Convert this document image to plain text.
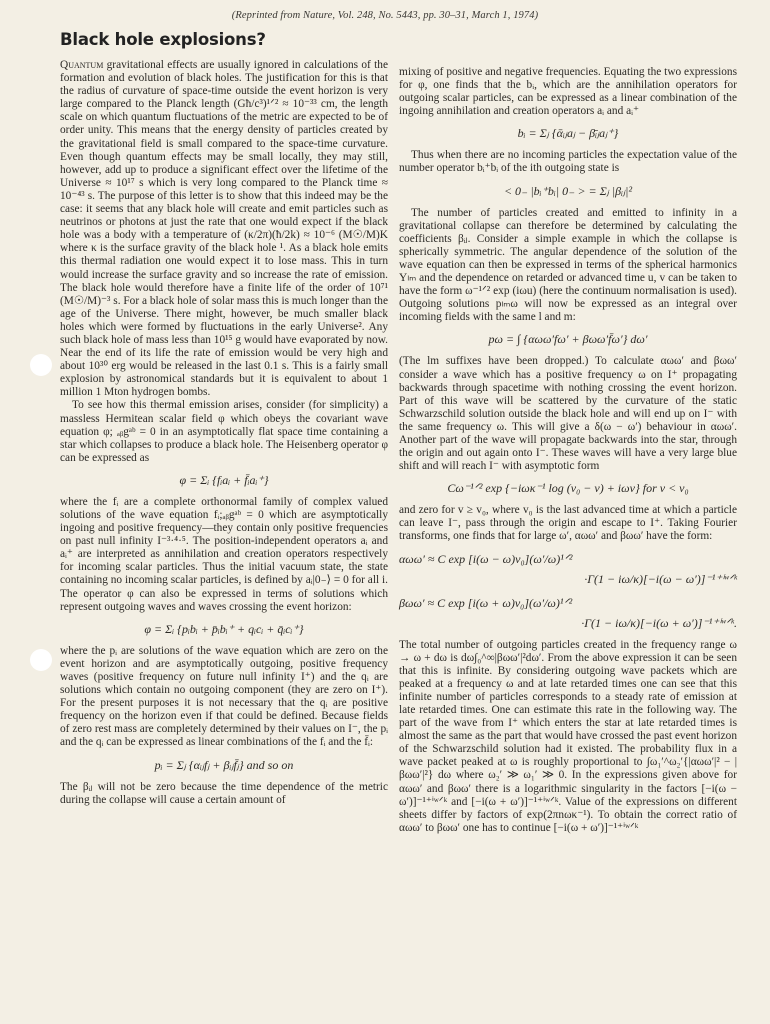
(Reprinted from Nature, Vol. 248, No. 5443, pp. 30–31, March 1, 1974)
Black hole explosions?

Quantum gravitational effects are usually ignored in calculations of the formation and evolution of black holes. The justification for this is that the radius of curvature of space-time outside the event horizon is very large compared to the Planck length (Għ/c³)¹ᐟ² ≈ 10⁻³³ cm, the length scale on which quantum fluctuations of the metric are expected to be of order unity. This means that the energy density of particles created by the gravitational field is small compared to the space-time curvature. Even though quantum effects may be small locally, they may still, however, add up to produce a significant effect over the lifetime of the Universe ≈ 10¹⁷ s which is very long compared to the Planck time ≈ 10⁻⁴³ s. The purpose of this letter is to show that this indeed may be the case: it seems that any black hole will create and emit particles such as neutrinos or photons at just the rate that one would expect if the black hole was a body with a temperature of (κ/2π)(ħ/2k) ≈ 10⁻⁶ (M☉/M)K where κ is the surface gravity of the black hole ¹. As a black hole emits this thermal radiation one would expect it to lose mass. This in turn would increase the surface gravity and so increase the rate of emission. The black hole would therefore have a finite life of the order of 10⁷¹ (M☉/M)⁻³ s. For a black hole of solar mass this is much longer than the age of the Universe. There might, however, be much smaller black holes which were formed by fluctuations in the early Universe². Any such black hole of mass less than 10¹⁵ g would have evaporated by now. Near the end of its life the rate of emission would be very high and about 10³⁰ erg would be released in the last 0.1 s. This is a fairly small explosion by astronomical standards but it is equivalent to about 1 million 1 Mton hydrogen bombs.

To see how this thermal emission arises, consider (for simplicity) a massless Hermitean scalar field φ which obeys the covariant wave equation φ; ₐᵦgᵃᵇ = 0 in an asymptotically flat space time containing a star which collapses to produce a black hole. The Heisenberg operator φ can be expressed as

φ = Σᵢ {fᵢaᵢ + f̄ᵢaᵢ⁺}

where the fᵢ are a complete orthonormal family of complex valued solutions of the wave equation fᵢ;ₐᵦgᵃᵇ = 0 which are asymptotically ingoing and positive frequency—they contain only positive frequencies on past null infinity I⁻³·⁴·⁵. The position-independent operators aᵢ and aᵢ⁺ are interpreted as annihilation and creation operators respectively for incoming scalar particles. Thus the initial vacuum state, the state containing no incoming scalar particles, is defined by aᵢ|0₋⟩ = 0 for all i. The operator φ can also be expressed in terms of solutions which represent outgoing waves and waves crossing the event horizon:

φ = Σᵢ {pᵢbᵢ + p̄ᵢbᵢ⁺ + qᵢcᵢ + q̄ᵢcᵢ⁺}

where the pᵢ are solutions of the wave equation which are zero on the event horizon and are asymptotically outgoing, positive frequency waves (positive frequency on future null infinity I⁺) and the qᵢ are solutions which contain no outgoing component (they are zero on I⁺). For the present purposes it is not necessary that the qᵢ are positive frequency on the horizon even if that could be defined. Because fields of zero rest mass are completely determined by their values on I⁻, the pᵢ and the qᵢ can be expressed as linear combinations of the fᵢ and the f̄ᵢ:

pᵢ = Σⱼ {αᵢⱼfⱼ + βᵢⱼf̄ⱼ} and so on

The βᵢⱼ will not be zero because the time dependence of the metric during the collapse will cause a certain amount of

mixing of positive and negative frequencies. Equating the two expressions for φ, one finds that the bᵢ, which are the annihilation operators for outgoing scalar particles, can be expressed as a linear combination of the ingoing annihilation and creation operators aᵢ and aᵢ⁺

bᵢ = Σⱼ {ᾱᵢⱼaⱼ − β̄ᵢⱼaⱼ⁺}

Thus when there are no incoming particles the expectation value of the number operator bᵢ⁺bᵢ of the ith outgoing state is

< 0₋ |bᵢ⁺bᵢ| 0₋ > = Σⱼ |βᵢⱼ|²

The number of particles created and emitted to infinity in a gravitational collapse can therefore be determined by calculating the coefficients βᵢⱼ. Consider a simple example in which the collapse is spherically symmetric. The angular dependence of the solution of the wave equation can then be expressed in terms of the spherical harmonics Yₗₘ and the dependence on retarded or advanced time u, v can be taken to have the form ω⁻¹ᐟ² exp (iωu) (here the continuum normalisation is used). Outgoing solutions pₗₘω will now be expressed as an integral over incoming fields with the same l and m:

pω = ∫ {αωω′fω′ + βωω′f̄ω′} dω′

(The lm suffixes have been dropped.) To calculate αωω′ and βωω′ consider a wave which has a positive frequency ω on I⁺ propagating backwards through spacetime with nothing crossing the event horizon. Part of this wave will be scattered by the curvature of the static Schwarzschild solution outside the black hole and will end up on I⁻ with the same frequency ω. This will give a δ(ω − ω′) behaviour in αωω′. Another part of the wave will propagate backwards into the star, through the origin and out again onto I⁻. These waves will have a very large blue shift and will reach I⁻ with asymptotic form

Cω⁻¹ᐟ² exp {−iωκ⁻¹ log (v₀ − v) + iωv} for v < v₀

and zero for v ≥ v₀, where v₀ is the last advanced time at which a particle can leave I⁻, pass through the origin and escape to I⁺. Taking Fourier transforms, one finds that for large ω′, αωω′ and βωω′ have the form:

αωω′ ≈ C exp [i(ω − ω)v₀](ω′/ω)¹ᐟ²
·Γ(1 − iω/κ)[−i(ω − ω′)]⁻¹⁺ⁱʷᐟᵏ
βωω′ ≈ C exp [i(ω + ω)v₀](ω′/ω)¹ᐟ²
·Γ(1 − iω/κ)[−i(ω + ω′)]⁻¹⁺ⁱʷᐟᵏ.

The total number of outgoing particles created in the frequency range ω → ω + dω is dω∫₀^∞|βωω′|²dω′. From the above expression it can be seen that this is infinite. By considering outgoing wave packets which are peaked at a frequency ω and at late retarded times one can see that this infinite number of particles corresponds to a steady rate of emission at late retarded times. One can estimate this rate in the following way. The part of the wave from I⁺ which enters the star at late retarded times is almost the same as the part that would have crossed the past event horizon of the Schwarzschild solution had it existed. The probability flux in a wave packet peaked at ω is roughly proportional to ∫ω₁′^ω₂′{|αωω′|² − |βωω′|²} dω where ω₂′ ≫ ω₁′ ≫ 0. In the expressions given above for αωω′ and βωω′ there is a logarithmic singularity in the factors [−i(ω − ω′)]⁻¹⁺ⁱʷᐟᵏ and [−i(ω + ω′)]⁻¹⁺ⁱʷᐟᵏ. Value of the expressions on different sheets differ by factors of exp(2πnωκ⁻¹). To obtain the correct ratio of αωω′ to βωω′ one has to continue [−i(ω + ω′)]⁻¹⁺ⁱʷᐟᵏ
